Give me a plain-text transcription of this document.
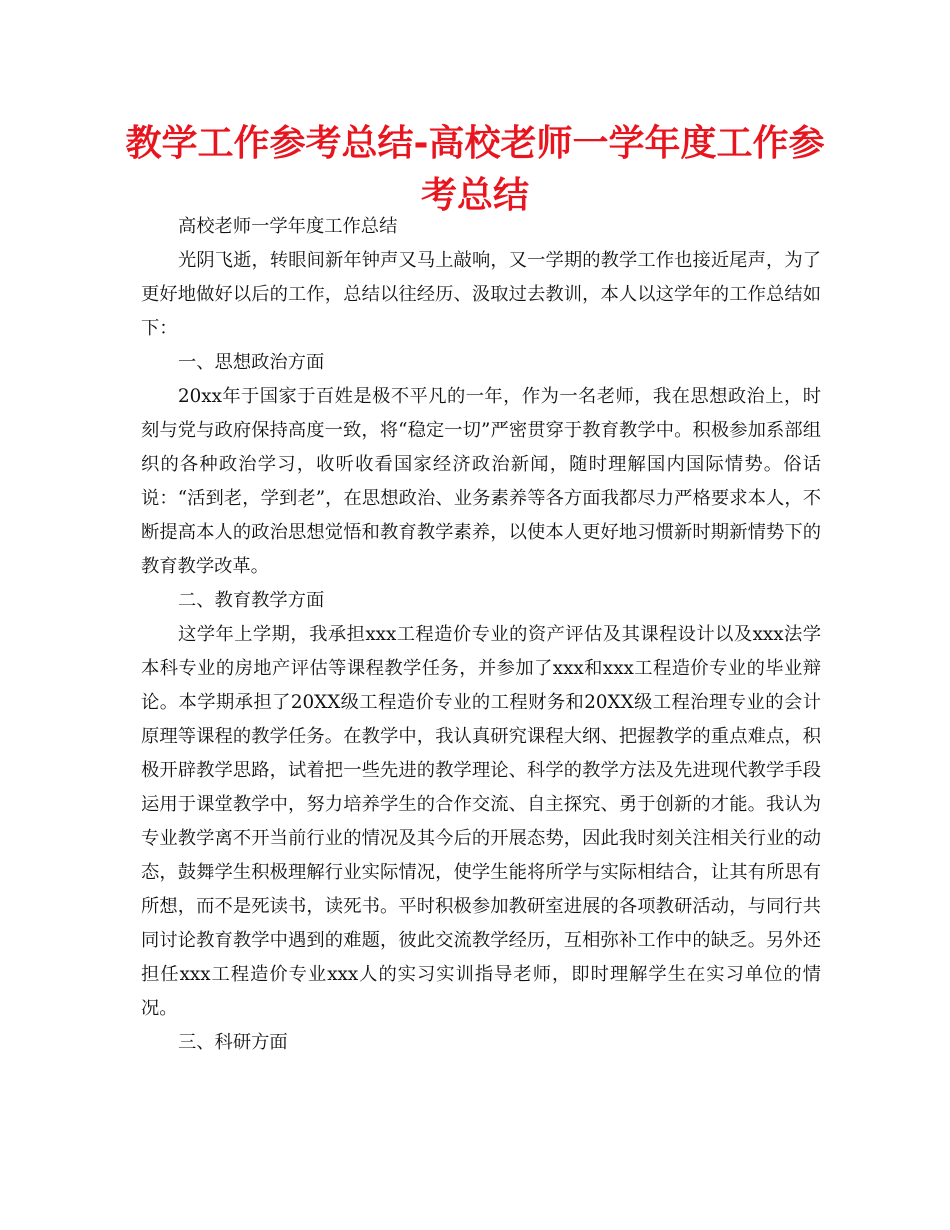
教学工作参考总结-高校老师一学年度工作参考总结

高校老师一学年度工作总结

光阴飞逝，转眼间新年钟声又马上敲响，又一学期的教学工作也接近尾声，为了更好地做好以后的工作，总结以往经历、汲取过去教训，本人以这学年的工作总结如下：

一、思想政治方面

20xx年于国家于百姓是极不平凡的一年，作为一名老师，我在思想政治上，时刻与党与政府保持高度一致，将“稳定一切”严密贯穿于教育教学中。积极参加系部组织的各种政治学习，收听收看国家经济政治新闻，随时理解国内国际情势。俗话说：“活到老，学到老”，在思想政治、业务素养等各方面我都尽力严格要求本人，不断提高本人的政治思想觉悟和教育教学素养，以使本人更好地习惯新时期新情势下的教育教学改革。

二、教育教学方面

这学年上学期，我承担xxx工程造价专业的资产评估及其课程设计以及xxx法学本科专业的房地产评估等课程教学任务，并参加了xxx和xxx工程造价专业的毕业辩论。本学期承担了20XX级工程造价专业的工程财务和20XX级工程治理专业的会计原理等课程的教学任务。在教学中，我认真研究课程大纲、把握教学的重点难点，积极开辟教学思路，试着把一些先进的教学理论、科学的教学方法及先进现代教学手段运用于课堂教学中，努力培养学生的合作交流、自主探究、勇于创新的才能。我认为专业教学离不开当前行业的情况及其今后的开展态势，因此我时刻关注相关行业的动态，鼓舞学生积极理解行业实际情况，使学生能将所学与实际相结合，让其有所思有所想，而不是死读书，读死书。平时积极参加教研室进展的各项教研活动，与同行共同讨论教育教学中遇到的难题，彼此交流教学经历，互相弥补工作中的缺乏。另外还担任xxx工程造价专业xxx人的实习实训指导老师，即时理解学生在实习单位的情况。

三、科研方面
